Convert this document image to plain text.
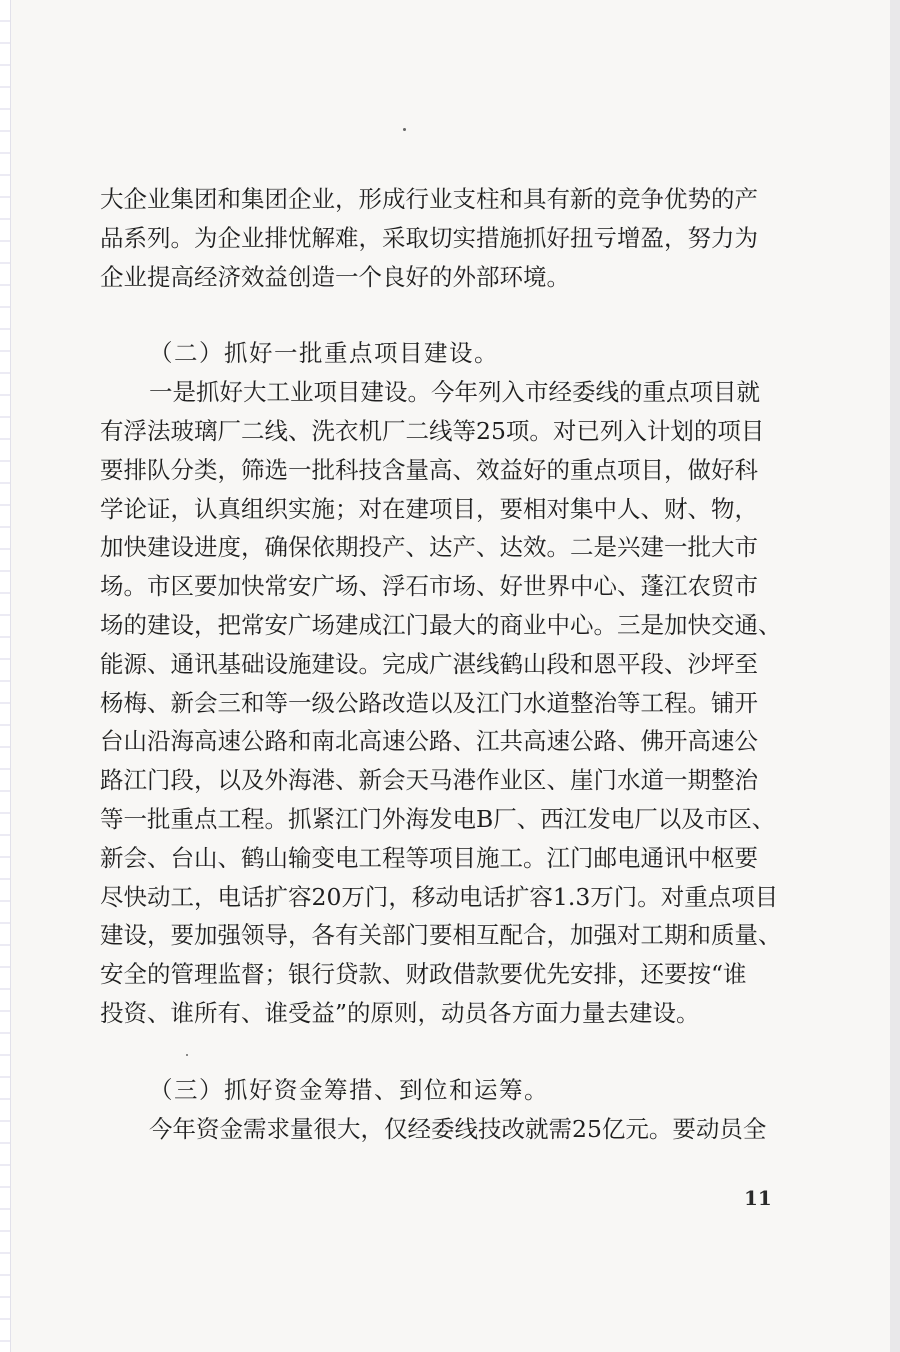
大企业集团和集团企业，形成行业支柱和具有新的竞争优势的产
品系列。为企业排忧解难，采取切实措施抓好扭亏增盈，努力为
企业提高经济效益创造一个良好的外部环境。
（二）抓好一批重点项目建设。
一是抓好大工业项目建设。今年列入市经委线的重点项目就
有浮法玻璃厂二线、洗衣机厂二线等25项。对已列入计划的项目
要排队分类，筛选一批科技含量高、效益好的重点项目，做好科
学论证，认真组织实施；对在建项目，要相对集中人、财、物，
加快建设进度，确保依期投产、达产、达效。二是兴建一批大市
场。市区要加快常安广场、浮石市场、好世界中心、蓬江农贸市
场的建设，把常安广场建成江门最大的商业中心。三是加快交通、
能源、通讯基础设施建设。完成广湛线鹤山段和恩平段、沙坪至
杨梅、新会三和等一级公路改造以及江门水道整治等工程。铺开
台山沿海高速公路和南北高速公路、江共高速公路、佛开高速公
路江门段，以及外海港、新会天马港作业区、崖门水道一期整治
等一批重点工程。抓紧江门外海发电B厂、西江发电厂以及市区、
新会、台山、鹤山输变电工程等项目施工。江门邮电通讯中枢要
尽快动工，电话扩容20万门，移动电话扩容1.3万门。对重点项目
建设，要加强领导，各有关部门要相互配合，加强对工期和质量、
安全的管理监督；银行贷款、财政借款要优先安排，还要按“谁
投资、谁所有、谁受益”的原则，动员各方面力量去建设。
（三）抓好资金筹措、到位和运筹。
今年资金需求量很大，仅经委线技改就需25亿元。要动员全
11
